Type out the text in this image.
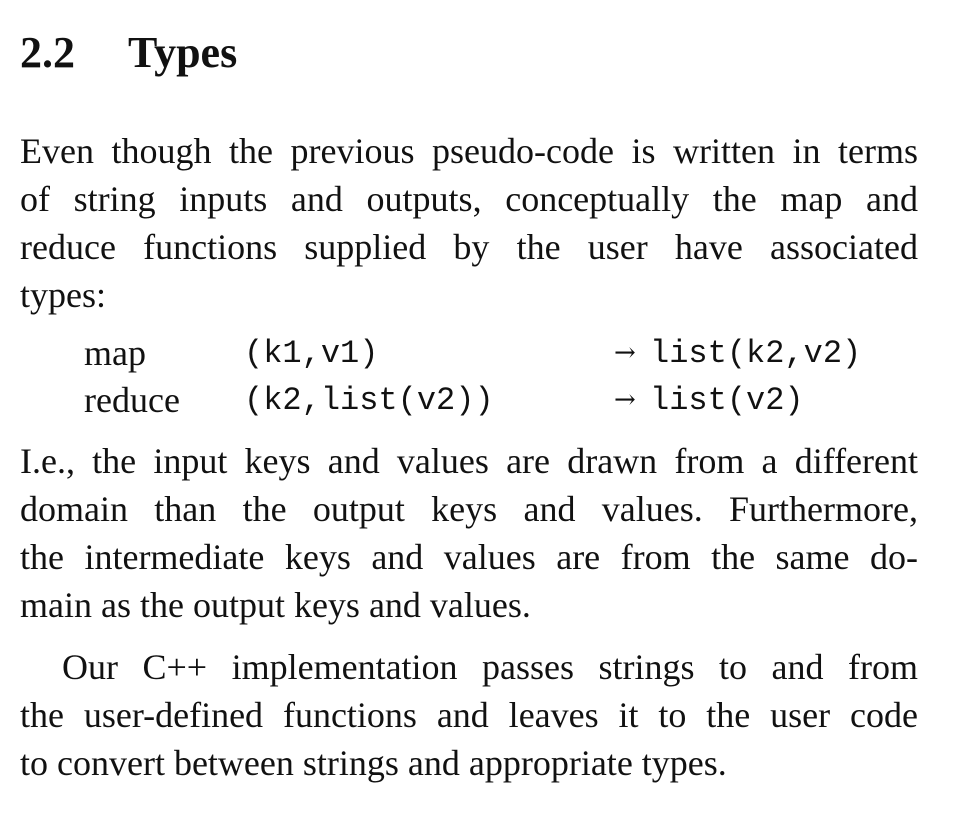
2.2 Types
Even though the previous pseudo-code is written in terms
of string inputs and outputs, conceptually the map and
reduce functions supplied by the user have associated
types:
map	(k1,v1)	→ list(k2,v2)
reduce (k2,list(v2))	→ list(v2)
I.e., the input keys and values are drawn from a different
domain than the output keys and values. Furthermore,
the intermediate keys and values are from the same do-
main as the output keys and values.
Our C++ implementation passes strings to and from
the user-defined functions and leaves it to the user code
to convert between strings and appropriate types.
